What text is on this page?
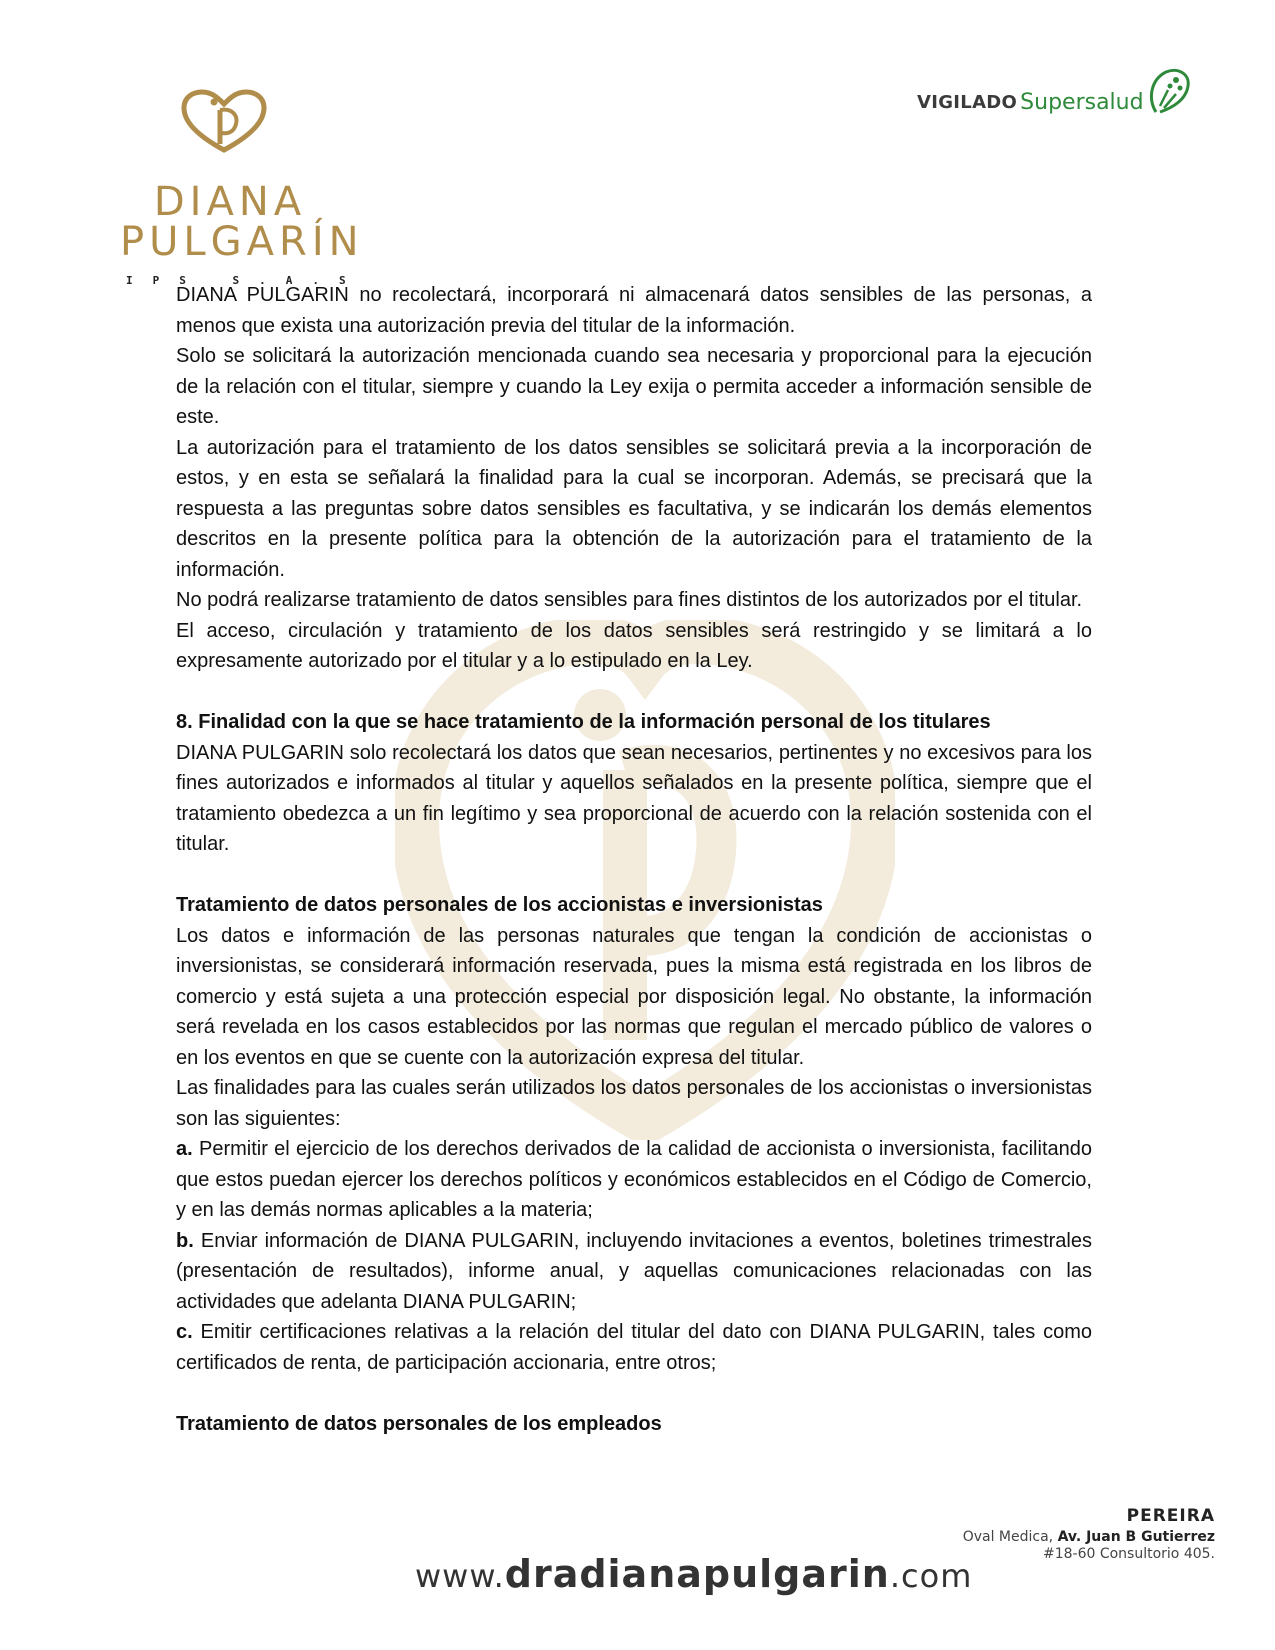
DIANA
PULGARÍN
IPS S.A.S
VIGILADO Supersalud

DIANA PULGARIN no recolectará, incorporará ni almacenará datos sensibles de las personas, a menos que exista una autorización previa del titular de la información.

Solo se solicitará la autorización mencionada cuando sea necesaria y proporcional para la ejecución de la relación con el titular, siempre y cuando la Ley exija o permita acceder a información sensible de este.

La autorización para el tratamiento de los datos sensibles se solicitará previa a la incorporación de estos, y en esta se señalará la finalidad para la cual se incorporan. Además, se precisará que la respuesta a las preguntas sobre datos sensibles es facultativa, y se indicarán los demás elementos descritos en la presente política para la obtención de la autorización para el tratamiento de la información.

No podrá realizarse tratamiento de datos sensibles para fines distintos de los autorizados por el titular.

El acceso, circulación y tratamiento de los datos sensibles será restringido y se limitará a lo expresamente autorizado por el titular y a lo estipulado en la Ley.

8. Finalidad con la que se hace tratamiento de la información personal de los titulares

DIANA PULGARIN solo recolectará los datos que sean necesarios, pertinentes y no excesivos para los fines autorizados e informados al titular y aquellos señalados en la presente política, siempre que el tratamiento obedezca a un fin legítimo y sea proporcional de acuerdo con la relación sostenida con el titular.

Tratamiento de datos personales de los accionistas e inversionistas

Los datos e información de las personas naturales que tengan la condición de accionistas o inversionistas, se considerará información reservada, pues la misma está registrada en los libros de comercio y está sujeta a una protección especial por disposición legal. No obstante, la información será revelada en los casos establecidos por las normas que regulan el mercado público de valores o en los eventos en que se cuente con la autorización expresa del titular.

Las finalidades para las cuales serán utilizados los datos personales de los accionistas o inversionistas son las siguientes:

a. Permitir el ejercicio de los derechos derivados de la calidad de accionista o inversionista, facilitando que estos puedan ejercer los derechos políticos y económicos establecidos en el Código de Comercio, y en las demás normas aplicables a la materia;

b. Enviar información de DIANA PULGARIN, incluyendo invitaciones a eventos, boletines trimestrales (presentación de resultados), informe anual, y aquellas comunicaciones relacionadas con las actividades que adelanta DIANA PULGARIN;

c. Emitir certificaciones relativas a la relación del titular del dato con DIANA PULGARIN, tales como certificados de renta, de participación accionaria, entre otros;

Tratamiento de datos personales de los empleados

PEREIRA
Oval Medica, Av. Juan B Gutierrez
#18-60 Consultorio 405.
www.dradianapulgarin.com
